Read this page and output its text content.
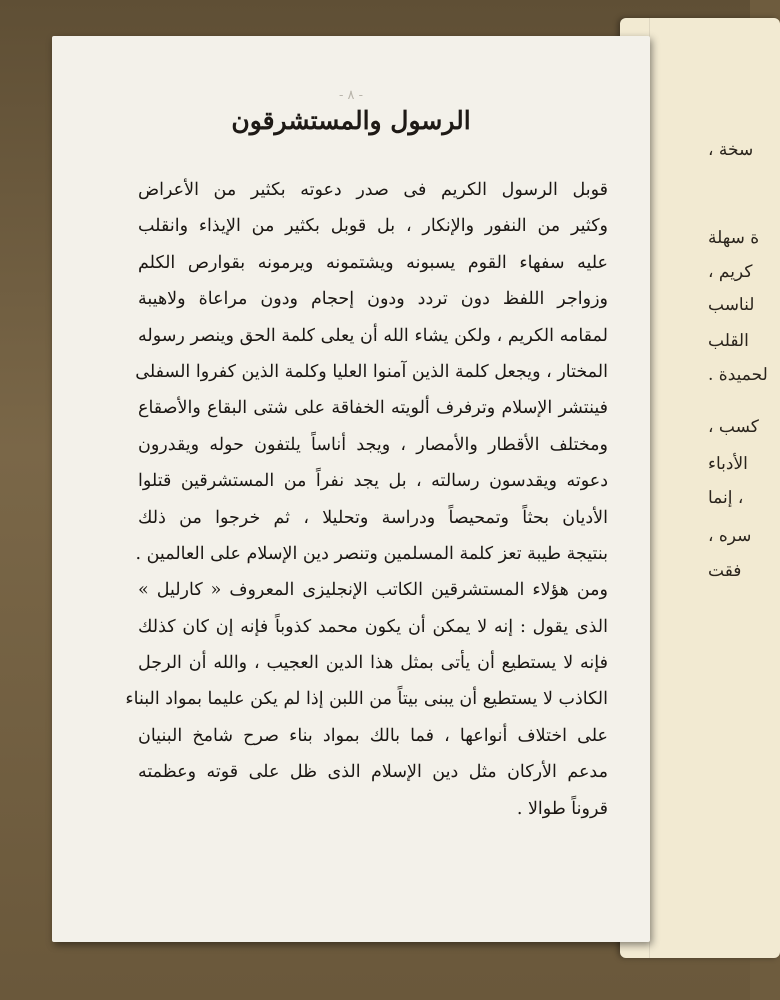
سخة ،
ة سهلة
كريم ،
لناسب
القلب
لحميدة .
كسب ،
الأدباء
، إنما
سره ،
فقت
- ٨ -
الرسول والمستشرقون
قوبل الرسول الكريم فى صدر دعوته بكثير من الأعراض
وكثير من النفور والإنكار ، بل قوبل بكثير من الإيذاء وانقلب
عليه سفهاء القوم يسبونه ويشتمونه ويرمونه بقوارص الكلم
وزواجر اللفظ دون تردد ودون إحجام ودون مراعاة ولاهيبة
لمقامه الكريم ، ولكن يشاء الله أن يعلى كلمة الحق وينصر رسوله
المختار ، ويجعل كلمة الذين آمنوا العليا وكلمة الذين كفروا السفلى
فينتشر الإسلام وترفرف ألويته الخفاقة على شتى البقاع والأصقاع
ومختلف الأقطار والأمصار ، ويجد أناساً يلتفون حوله ويقدرون
دعوته ويقدسون رسالته ، بل يجد نفراً من المستشرقين قتلوا
الأديان بحثاً وتمحيصاً ودراسة وتحليلا ، ثم خرجوا من ذلك
بنتيجة طيبة تعز كلمة المسلمين وتنصر دين الإسلام على العالمين .
ومن هؤلاء المستشرقين الكاتب الإنجليزى المعروف « كارليل »
الذى يقول : إنه لا يمكن أن يكون محمد كذوباً فإنه إن كان كذلك
فإنه لا يستطيع أن يأتى بمثل هذا الدين العجيب ، والله أن الرجل
الكاذب لا يستطيع أن يبنى بيتاً من اللبن إذا لم يكن عليما بمواد البناء
على اختلاف أنواعها ، فما بالك بمواد بناء صرح شامخ البنيان
مدعم الأركان مثل دين الإسلام الذى ظل على قوته وعظمته
قروناً طوالا .
